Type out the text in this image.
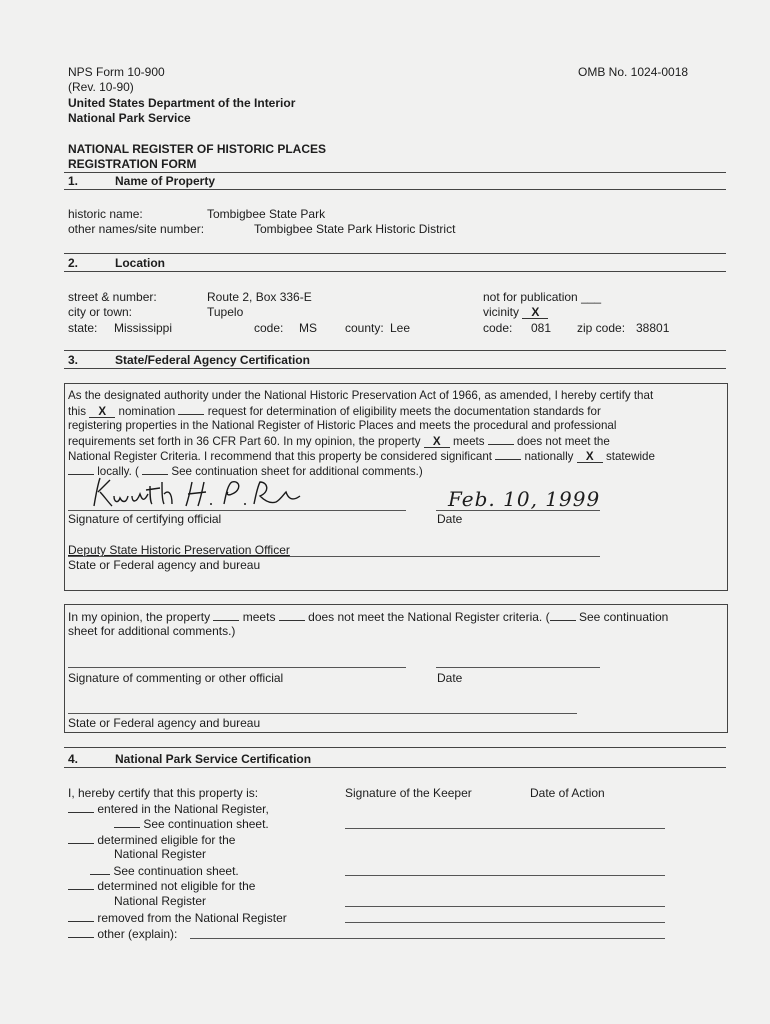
NPS Form 10-900
(Rev. 10-90)
United States Department of the Interior
National Park Service
OMB No. 1024-0018
NATIONAL REGISTER OF HISTORIC PLACES
REGISTRATION FORM
1.	Name of Property
historic name:	Tombigbee State Park
other names/site number:	Tombigbee State Park Historic District
2.	Location
street & number:	Route 2, Box 336-E	not for publication ___
city or town:	Tupelo	vicinity X
state: Mississippi	code: MS county: Lee	code: 081 zip code: 38801
3.	State/Federal Agency Certification
As the designated authority under the National Historic Preservation Act of 1966, as amended, I hereby certify that
this X nomination	request for determination of eligibility meets the documentation standards for
registering properties in the National Register of Historic Places and meets the procedural and professional
requirements set forth in 36 CFR Part 60. In my opinion, the property X meets	does not meet the
National Register Criteria. I recommend that this property be considered significant	nationally X statewide
locally. (	See continuation sheet for additional comments.)
Feb. 10, 1999
Signature of certifying official	Date
Deputy State Historic Preservation Officer
State or Federal agency and bureau
In my opinion, the property	meets	does not meet the National Register criteria. ( See continuation
sheet for additional comments.)
Signature of commenting or other official	Date
State or Federal agency and bureau
4.	National Park Service Certification
I, hereby certify that this property is:	Signature of the Keeper	Date of Action
entered in the National Register,
See continuation sheet.
determined eligible for the
National Register
See continuation sheet.
determined not eligible for the
National Register
removed from the National Register
other (explain):
